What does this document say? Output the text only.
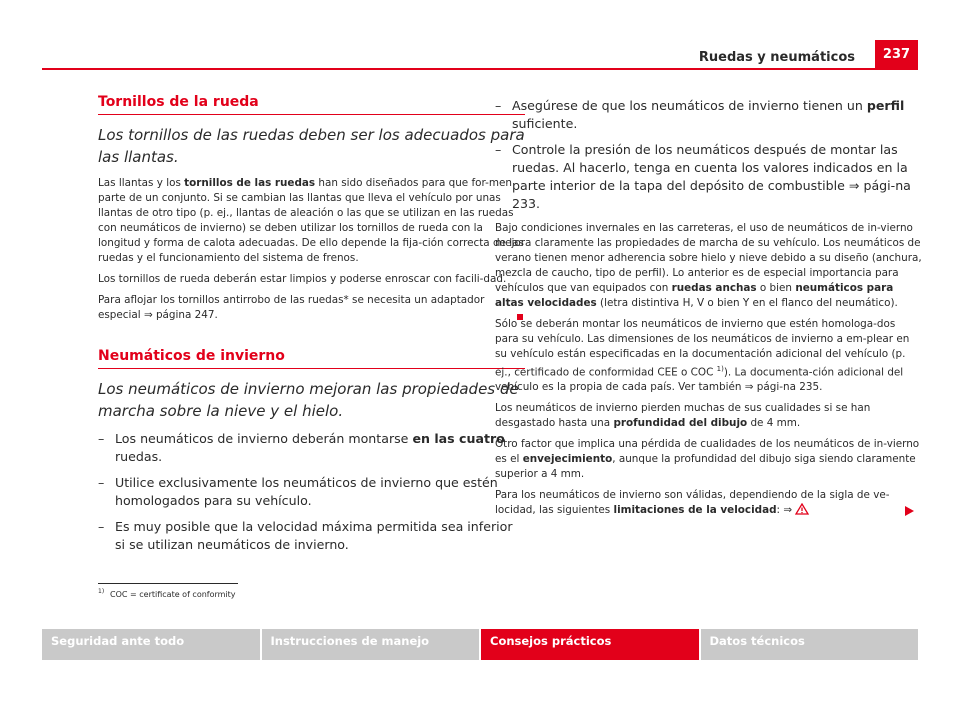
Ruedas y neumáticos	237
Tornillos de la rueda
Los tornillos de las ruedas deben ser los adecuados para las llantas.
Las llantas y los tornillos de las ruedas han sido diseñados para que for-men parte de un conjunto. Si se cambian las llantas que lleva el vehículo por unas llantas de otro tipo (p. ej., llantas de aleación o las que se utilizan en las ruedas con neumáticos de invierno) se deben utilizar los tornillos de rueda con la longitud y forma de calota adecuadas. De ello depende la fija-ción correcta de las ruedas y el funcionamiento del sistema de frenos.
Los tornillos de rueda deberán estar limpios y poderse enroscar con facili-dad.
Para aflojar los tornillos antirrobo de las ruedas* se necesita un adaptador especial ⇒ página 247.
Neumáticos de invierno
Los neumáticos de invierno mejoran las propiedades de marcha sobre la nieve y el hielo.
– Los neumáticos de invierno deberán montarse en las cuatro ruedas.
– Utilice exclusivamente los neumáticos de invierno que estén homologados para su vehículo.
– Es muy posible que la velocidad máxima permitida sea inferior si se utilizan neumáticos de invierno.
– Asegúrese de que los neumáticos de invierno tienen un perfil suficiente.
– Controle la presión de los neumáticos después de montar las ruedas. Al hacerlo, tenga en cuenta los valores indicados en la parte interior de la tapa del depósito de combustible ⇒ pági-na 233.
Bajo condiciones invernales en las carreteras, el uso de neumáticos de in-vierno mejora claramente las propiedades de marcha de su vehículo. Los neumáticos de verano tienen menor adherencia sobre hielo y nieve debido a su diseño (anchura, mezcla de caucho, tipo de perfil). Lo anterior es de especial importancia para vehículos que van equipados con ruedas anchas o bien neumáticos para altas velocidades (letra distintiva H, V o bien Y en el flanco del neumático).
Sólo se deberán montar los neumáticos de invierno que estén homologa-dos para su vehículo. Las dimensiones de los neumáticos de invierno a em-plear en su vehículo están especificadas en la documentación adicional del vehículo (p. ej., certificado de conformidad CEE o COC $^{1)}$). La documenta-ción adicional del vehículo es la propia de cada país. Ver también ⇒ pági-na 235.
Los neumáticos de invierno pierden muchas de sus cualidades si se han desgastado hasta una profundidad del dibujo de 4 mm.
Otro factor que implica una pérdida de cualidades de los neumáticos de in-vierno es el envejecimiento, aunque la profundidad del dibujo siga siendo claramente superior a 4 mm.
Para los neumáticos de invierno son válidas, dependiendo de la sigla de ve-locidad, las siguientes limitaciones de la velocidad: ⇒
1) COC = certificate of conformity
Seguridad ante todo	Instrucciones de manejo	Consejos prácticos	Datos técnicos
